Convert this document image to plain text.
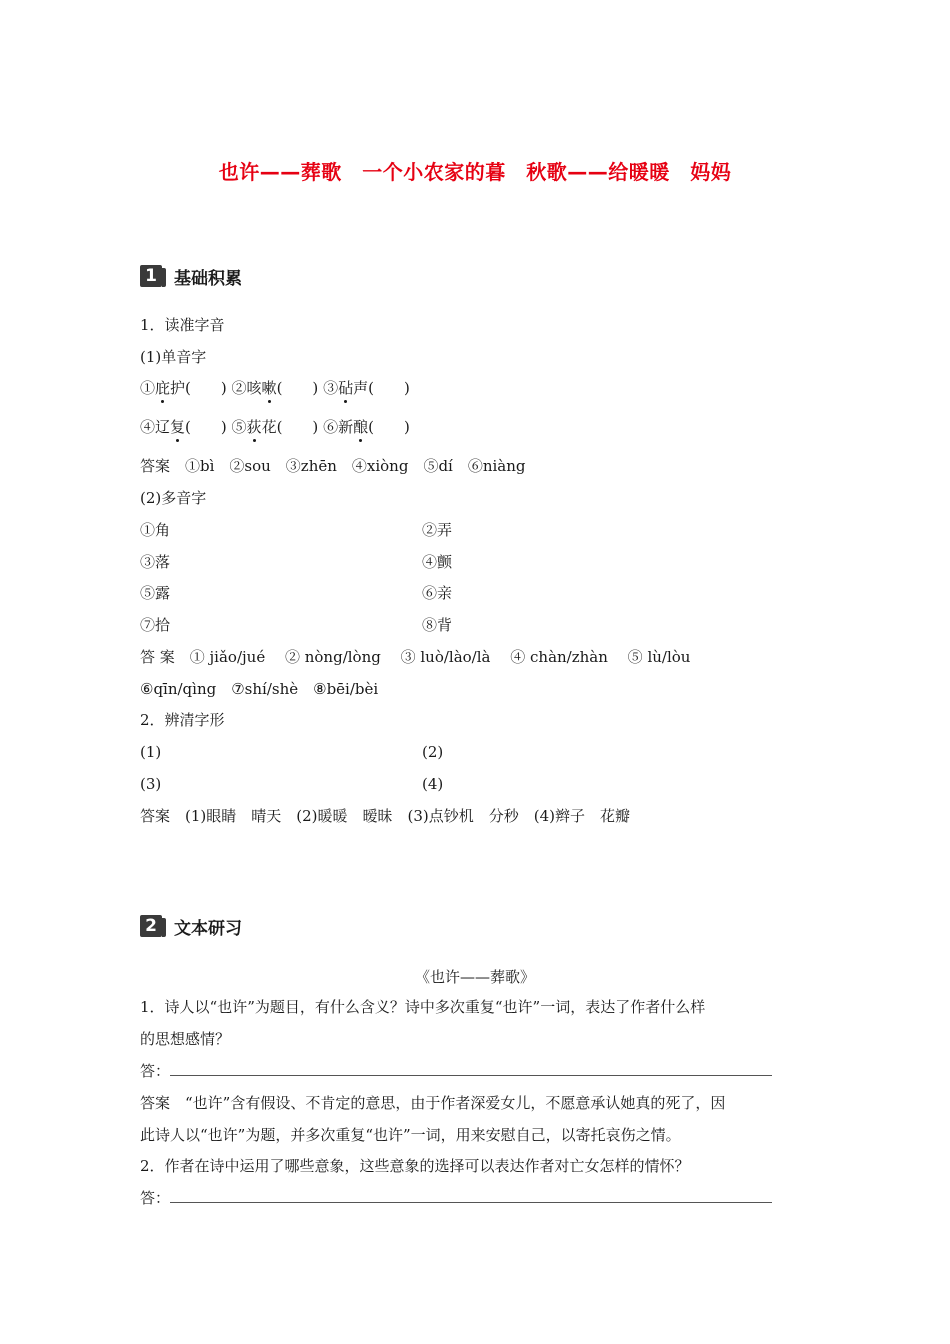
也许——葬歌　一个小农家的暮　秋歌——给暖暖　妈妈
1 基础积累
1．读准字音
(1)单音字
①庇护(　　) ②咳嗽(　　) ③砧声(　　)
④辽复(　　) ⑤荻花(　　) ⑥新酿(　　)
答案　①bì　②sou　③zhēn　④xiòng　⑤dí　⑥niàng
(2)多音字
①角	②弄
③落	④颤
⑤露	⑥亲
⑦拾	⑧背
答 案　① jiǎo/jué　 ② nòng/lòng　 ③ luò/lào/là　 ④ chàn/zhàn　 ⑤ lù/lòu
⑥qīn/qìng　⑦shí/shè　⑧bēi/bèi
2．辨清字形
(1)	(2)
(3)	(4)
答案　(1)眼睛　晴天　(2)暖暖　暧昧　(3)点钞机　分秒　(4)辫子　花瓣
2 文本研习
《也许——葬歌》
1．诗人以“也许”为题目，有什么含义？诗中多次重复“也许”一词，表达了作者什么样
的思想感情？
答：
答案　“也许”含有假设、不肯定的意思，由于作者深爱女儿，不愿意承认她真的死了，因
此诗人以“也许”为题，并多次重复“也许”一词，用来安慰自己，以寄托哀伤之情。
2．作者在诗中运用了哪些意象，这些意象的选择可以表达作者对亡女怎样的情怀？
答：
